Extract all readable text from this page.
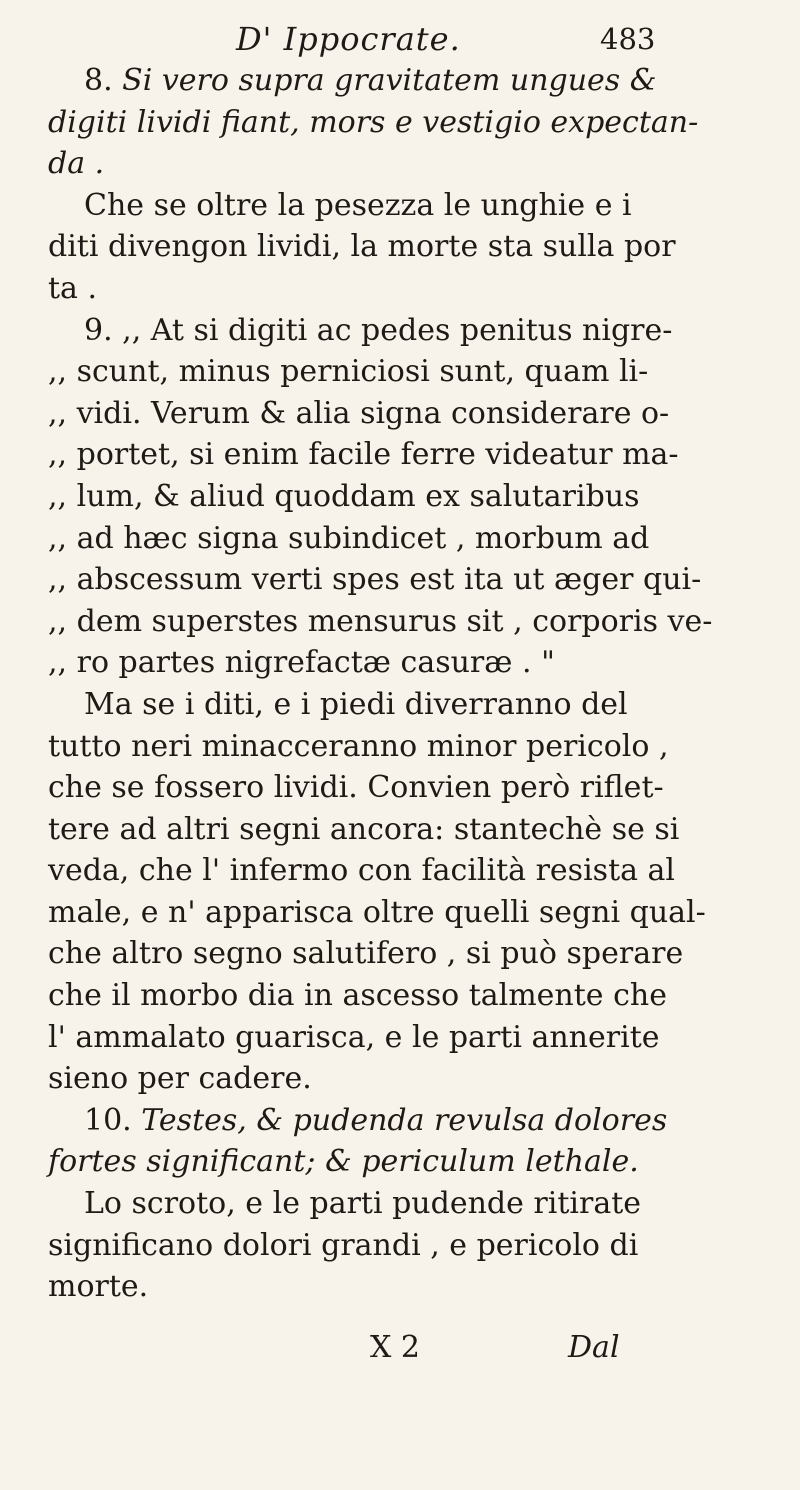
D' Ippocrate.	483
8. Si vero supra gravitatem ungues &
digiti lividi fiant, mors e vestigio expectan-
da .
Che se oltre la pesezza le unghie e i
diti divengon lividi, la morte sta sulla por
ta .
9. ,, At si digiti ac pedes penitus nigre-
,, scunt, minus perniciosi sunt, quam li-
,, vidi. Verum & alia signa considerare o-
,, portet, si enim facile ferre videatur ma-
,, lum, & aliud quoddam ex salutaribus
,, ad hæc signa subindicet , morbum ad
,, abscessum verti spes est ita ut æger qui-
,, dem superstes mensurus sit , corporis ve-
,, ro partes nigrefactæ casuræ . "
Ma se i diti, e i piedi diverranno del
tutto neri minacceranno minor pericolo ,
che se fossero lividi. Convien però riflet-
tere ad altri segni ancora: stantechè se si
veda, che l' infermo con facilità resista al
male, e n' apparisca oltre quelli segni qual-
che altro segno salutifero , si può sperare
che il morbo dia in ascesso talmente che
l' ammalato guarisca, e le parti annerite
sieno per cadere.
10. Testes, & pudenda revulsa dolores
fortes significant; & periculum lethale.
Lo scroto, e le parti pudende ritirate
significano dolori grandi , e pericolo di
morte.
X 2	Dal
